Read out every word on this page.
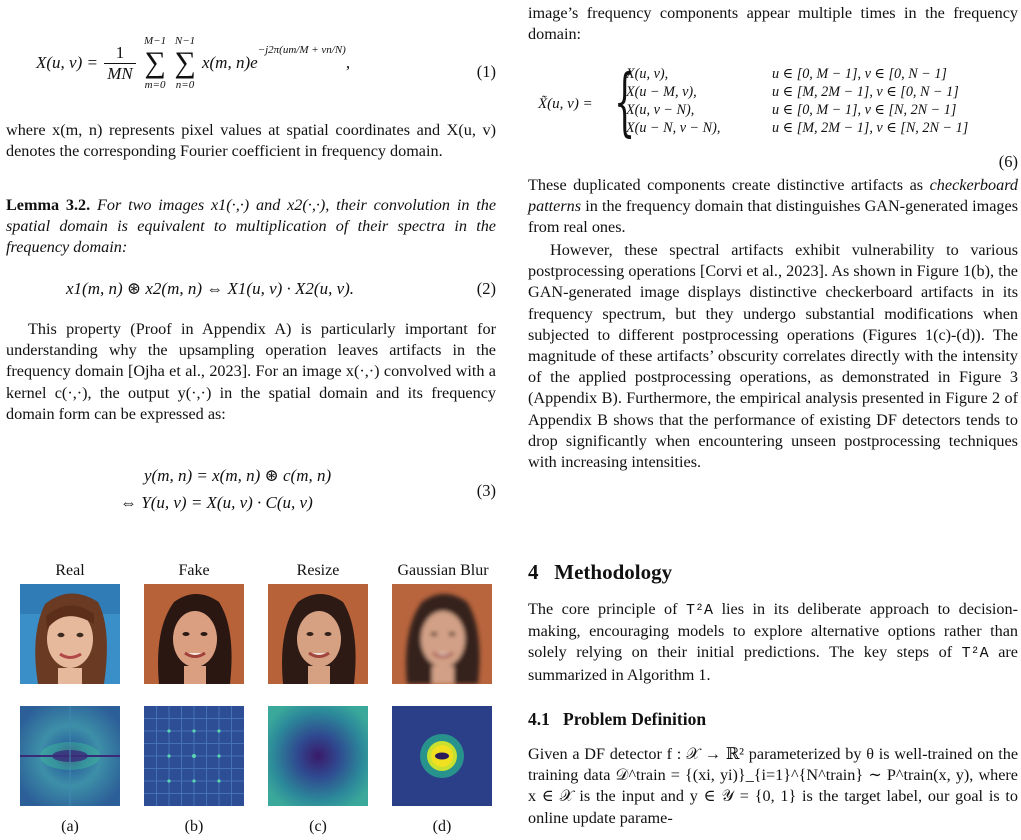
X(u, $v) = \frac{1}{MN}$

M−1
∑
m=0

N−1
∑
n=0
x(m, $n)e^{-j2\pi(um/M + vn/N)}$,	(1)

where x(m, n) represents pixel values at spatial coordinates and X(u, v) denotes the corresponding Fourier coefficient in frequency domain.

Lemma 3.2. For two images x1(·,·) and x2(·,·), their convolution in the spatial domain is equivalent to multiplication of their spectra in the frequency domain:

x1(m, n) ⊛ x2(m, n) ⇔ X1(u, v) · X2(u, v).	(2)

This property (Proof in Appendix A) is particularly important for understanding why the upsampling operation leaves artifacts in the frequency domain [Ojha et al., 2023]. For an image x(·,·) convolved with a kernel c(·,·), the output y(·,·) in the spatial domain and its frequency domain form can be expressed as:

y(m, n) = x(m, n) ⊛ c(m, n)
⇔ Y(u, v) = X(u, v) · C(u, v)
(3)
Real	Fake	Resize	Gaussian Blur
(a)	(b)	(c)	(d)

image’s frequency components appear multiple times in the frequency domain:

X̃(u, v) = {
X(u, v),	u ∈ [0, M − 1], v ∈ [0, N − 1]
X(u − M, v),	u ∈ [M, 2M − 1], v ∈ [0, N − 1]
X(u, v − N),	u ∈ [0, M − 1], v ∈ [N, 2N − 1]
X(u − N, v − N),	u ∈ [M, 2M − 1], v ∈ [N, 2N − 1]
(6)

These duplicated components create distinctive artifacts as checkerboard patterns in the frequency domain that distinguishes GAN-generated images from real ones.

However, these spectral artifacts exhibit vulnerability to various postprocessing operations [Corvi et al., 2023]. As shown in Figure 1(b), the GAN-generated image displays distinctive checkerboard artifacts in its frequency spectrum, but they undergo substantial modifications when subjected to different postprocessing operations (Figures 1(c)-(d)). The magnitude of these artifacts’ obscurity correlates directly with the intensity of the applied postprocessing operations, as demonstrated in Figure 3 (Appendix B). Furthermore, the empirical analysis presented in Figure 2 of Appendix B shows that the performance of existing DF detectors tends to drop significantly when encountering unseen postprocessing techniques with increasing intensities.

4 Methodology

The core principle of T²A lies in its deliberate approach to decision-making, encouraging models to explore alternative options rather than solely relying on their initial predictions. The key steps of T²A are summarized in Algorithm 1.

4.1 Problem Definition

Given a DF detector f : 𝒳 → ℝ² parameterized by θ is well-trained on the training data 𝒟^train = {(xi, yi)}_{i=1}^{N^train} ∼ P^train(x, y), where x ∈ 𝒳 is the input and y ∈ 𝒴 = {0, 1} is the target label, our goal is to online update parame-
